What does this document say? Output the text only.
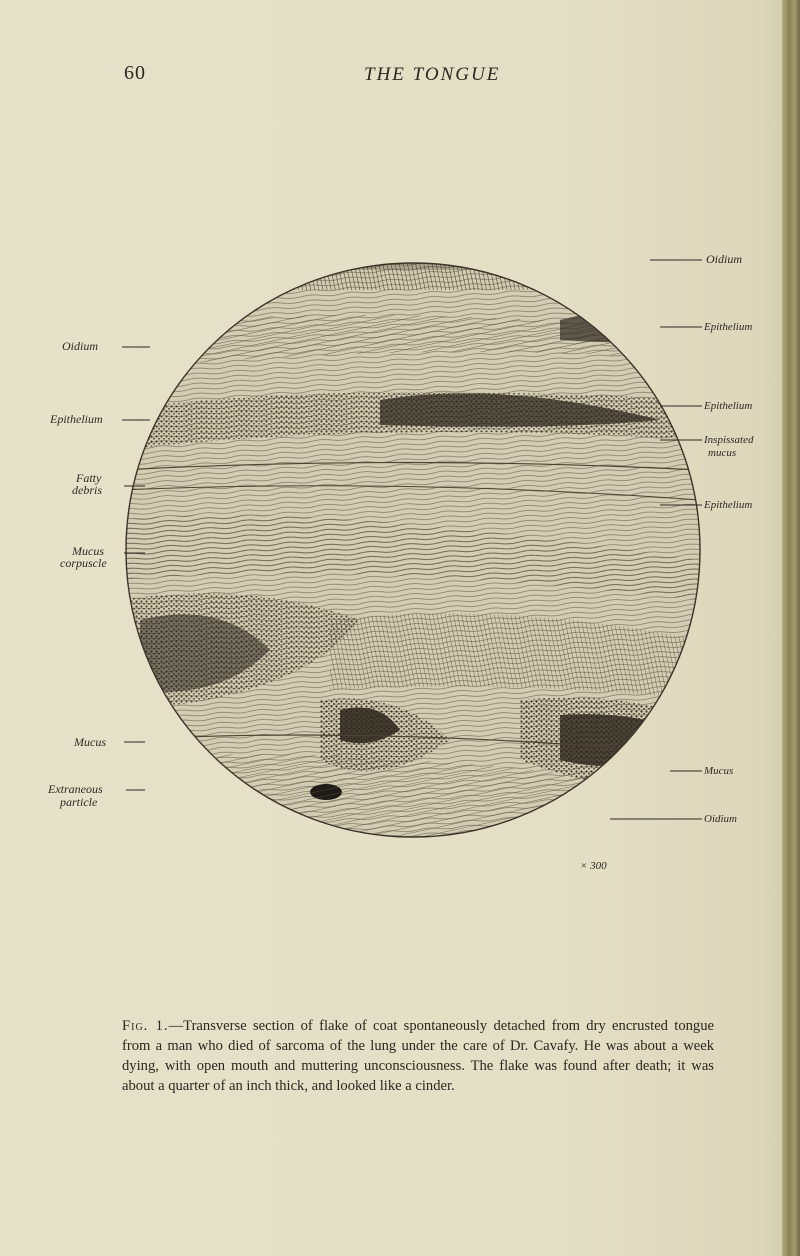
60	THE TONGUE
Oidium
Epithelium
Fatty
debris
Mucus
corpuscle
Mucus
Extraneous
particle
Oidium
Epithelium
Epithelium
Inspissated
mucus
Epithelium
Mucus
Oidium
× 300
Fig. 1.—Transverse section of flake of coat spontaneously detached from dry encrusted tongue from a man who died of sarcoma of the lung under the care of Dr. Cavafy. He was about a week dying, with open mouth and muttering unconsciousness. The flake was found after death; it was about a quarter of an inch thick, and looked like a cinder.
